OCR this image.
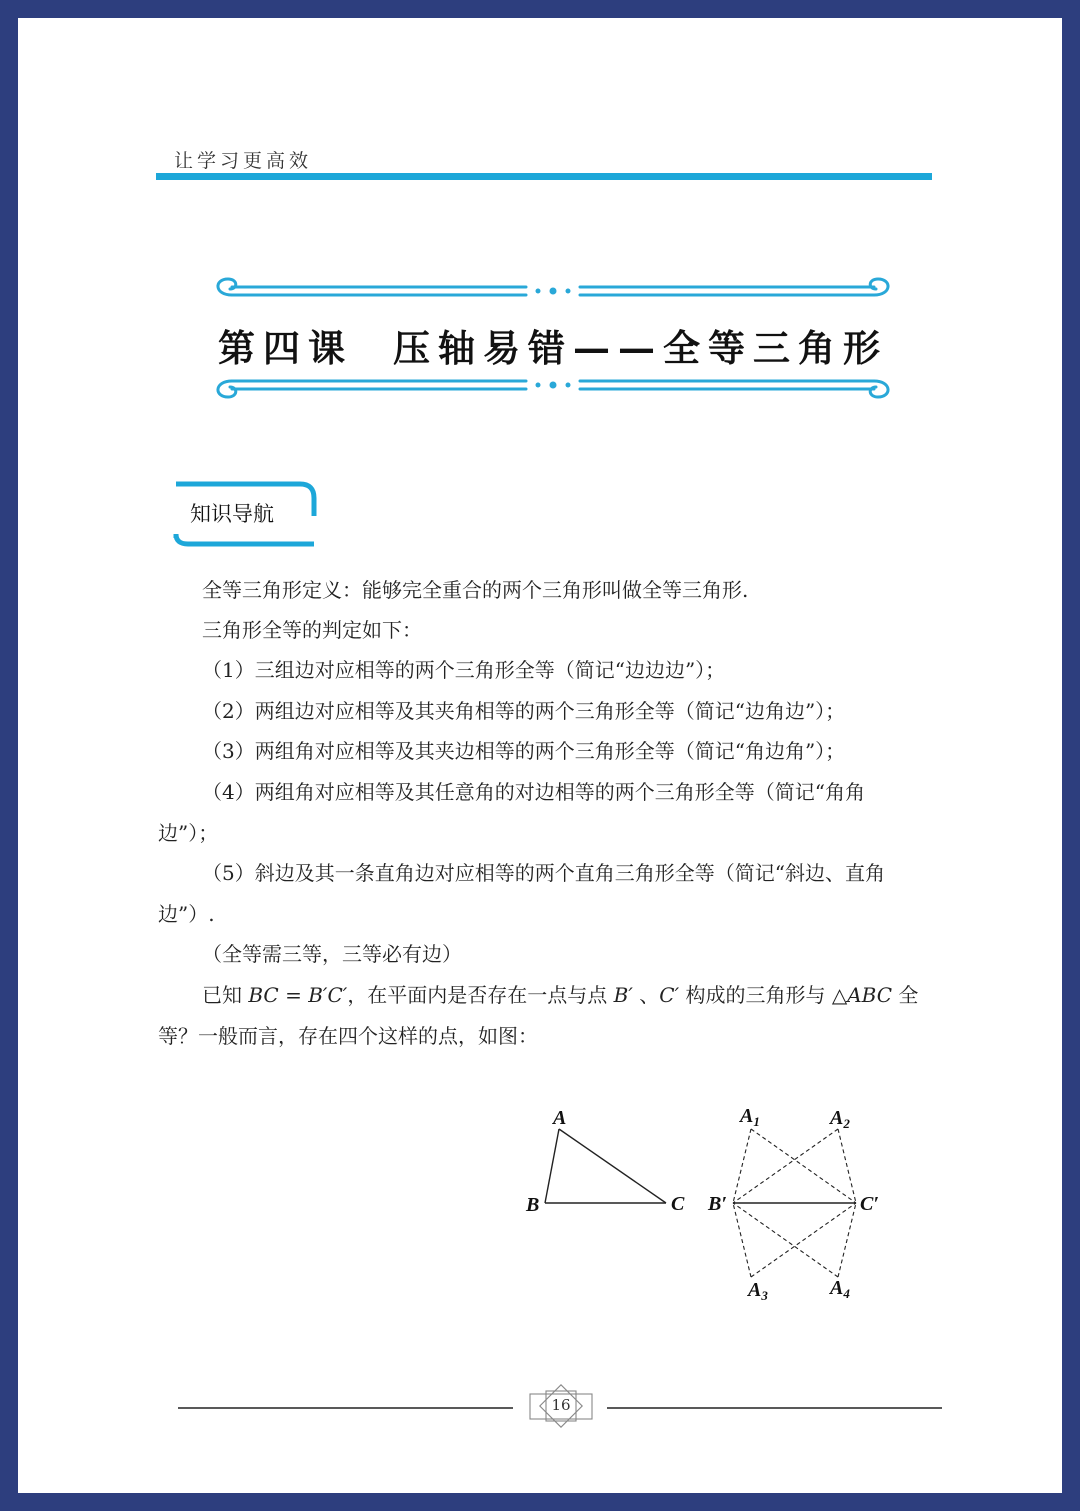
让学习更高效
第四课 压轴易错——全等三角形
知识导航
全等三角形定义：能够完全重合的两个三角形叫做全等三角形.
三角形全等的判定如下：
（1）三组边对应相等的两个三角形全等（简记“边边边”）；
（2）两组边对应相等及其夹角相等的两个三角形全等（简记“边角边”）；
（3）两组角对应相等及其夹边相等的两个三角形全等（简记“角边角”）；
（4）两组角对应相等及其任意角的对边相等的两个三角形全等（简记“角角
边”）；
（5）斜边及其一条直角边对应相等的两个直角三角形全等（简记“斜边、直角
边”）.
（全等需三等，三等必有边）
已知 BC = B′C′，在平面内是否存在一点与点 B′ 、C′ 构成的三角形与 △ABC 全
等？一般而言，存在四个这样的点，如图：
A
B	C B′	C′
$A_1$	$A_2$
$A_3$	$A_4$
16
